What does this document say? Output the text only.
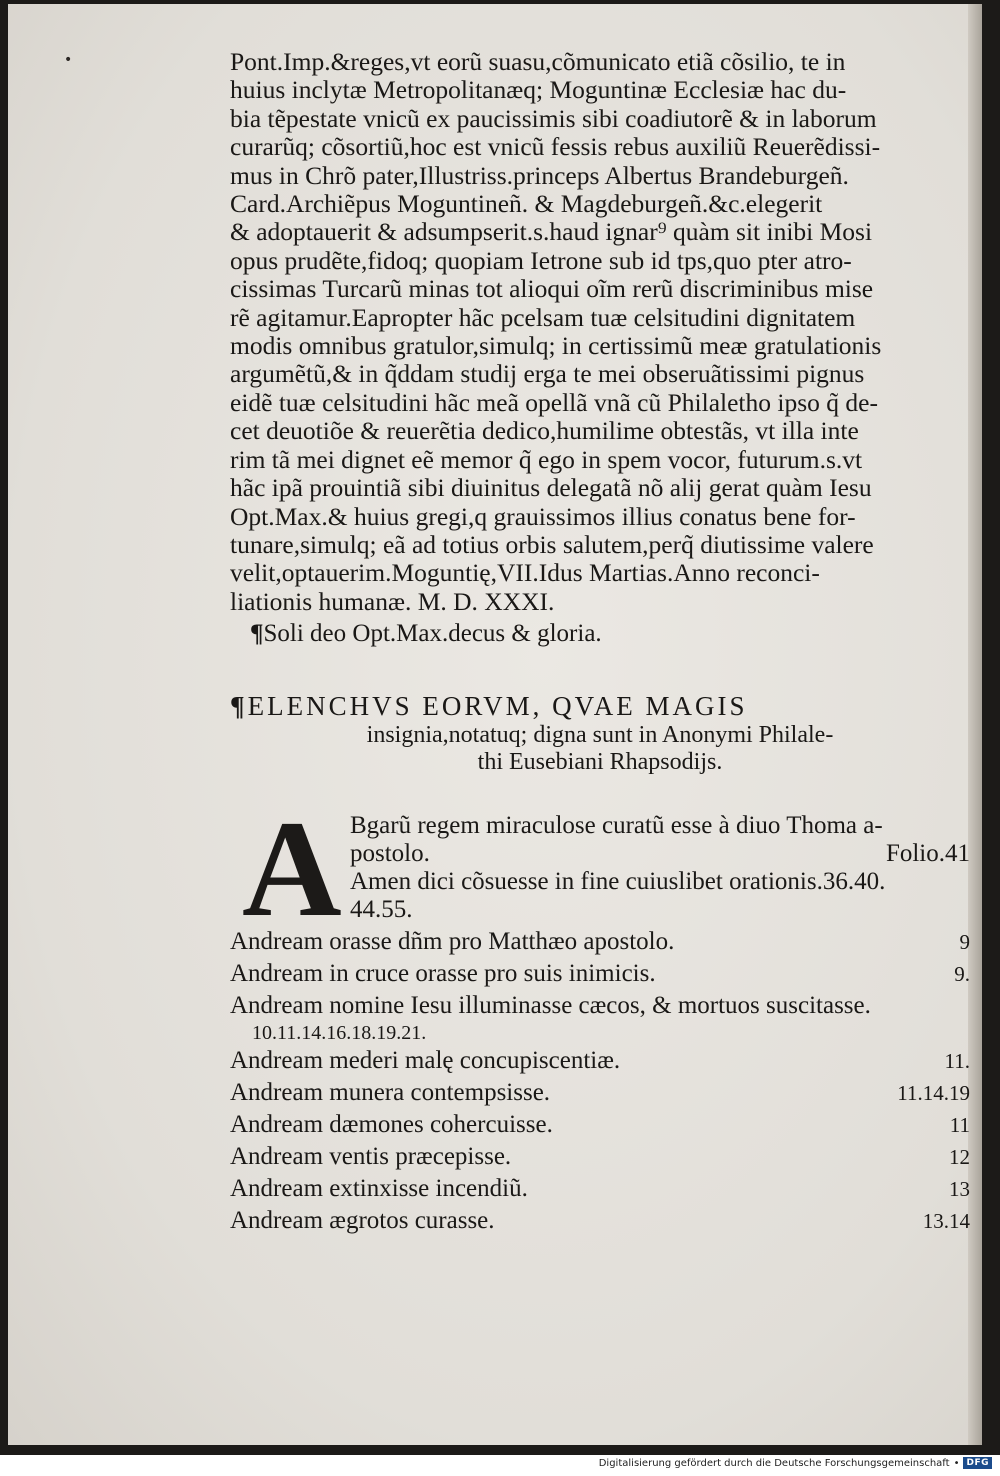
•	Pont.Imp.&reges,vt eorũ suasu,cõmunicato etiã cõsilio, te in
huius inclytæ Metropolitanæq; Moguntinæ Ecclesiæ hac du-
bia tẽpestate vnicũ ex paucissimis sibi coadiutorẽ & in laborum
curarũq; cõsortiũ,hoc est vnicũ fessis rebus auxiliũ Reuerẽdissi-
mus in Chrõ pater,Illustriss.princeps Albertus Brandeburgeñ.
Card.Archiẽpus Moguntineñ. & Magdeburgeñ.&c.elegerit
& adoptauerit & adsumpserit.s.haud ignar⁹ quàm sit inibi Mosi
opus prudẽte,fidoq; quopiam Ietrone sub id tps,quo pter atro-
cissimas Turcarũ minas tot alioqui oĩm rerũ discriminibus mise
rẽ agitamur.Eapropter hãc pcelsam tuæ celsitudini dignitatem
modis omnibus gratulor,simulq; in certissimũ meæ gratulationis
argumẽtũ,& in q̃ddam studij erga te mei obseruãtissimi pignus
eidẽ tuæ celsitudini hãc meã opellã vnã cũ Philaletho ipso q̃ de-
cet deuotiõe & reuerẽtia dedico,humilime obtestãs, vt illa inte
rim tã mei dignet eẽ memor q̃ ego in spem vocor, futurum.s.vt
hãc ipã prouintiã sibi diuinitus delegatã nõ alij gerat quàm Iesu
Opt.Max.& huius gregi,q grauissimos illius conatus bene for-
tunare,simulq; eã ad totius orbis salutem,perq̃ diutissime valere
velit,optauerim.Moguntię,VII.Idus Martias.Anno reconci-
liationis humanæ. M. D. XXXI.
¶Soli deo Opt.Max.decus & gloria.
¶ELENCHVS EORVM, QVAE MAGIS
insignia,notatuq; digna sunt in Anonymi Philale-
thi Eusebiani Rhapsodijs.
A Bgarũ regem miraculose curatũ esse à diuo Thoma a-
postolo.	Folio.41
Amen dici cõsuesse in fine cuiuslibet orationis.36.40.
44.55.
Andream orasse dñm pro Matthæo apostolo.	9
Andream in cruce orasse pro suis inimicis.	9.
Andream nomine Iesu illuminasse cæcos, & mortuos suscitasse.
10.11.14.16.18.19.21.
Andream mederi malę concupiscentiæ.	11.
Andream munera contempsisse.	11.14.19
Andream dæmones cohercuisse.	11
Andream ventis præcepisse.	12
Andream extinxisse incendiũ.	13
Andream ægrotos curasse.	13.14
Digitalisierung gefördert durch die Deutsche Forschungsgemeinschaft • DFG
